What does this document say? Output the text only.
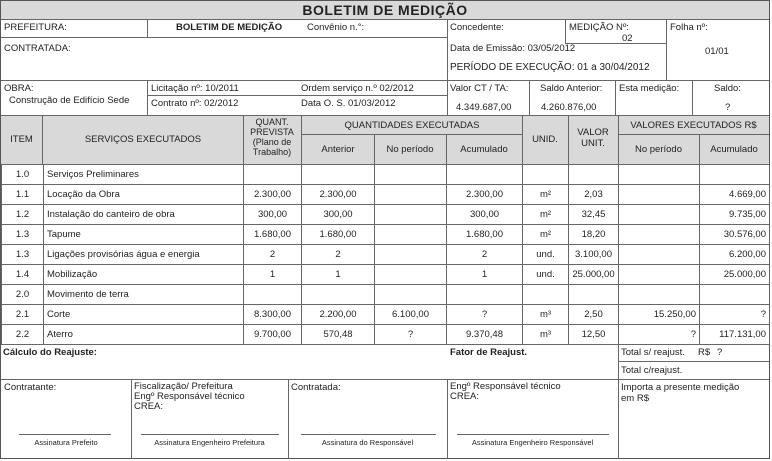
BOLETIM DE MEDIÇÃO
PREFEITURA:	BOLETIM DE MEDIÇÃO	Convênio n.°:	Concedente:	MEDIÇÃO Nº:
02
Folha nº:
01/01
CONTRATADA:	Data de Emissão: 03/05/2012
PERÍODO DE EXECUÇÃO: 01 a 30/04/2012
OBRA:
Construção de Edifício Sede
Licitação nº: 10/2011
Contrato nº: 02/2012
Ordem serviço n.º 02/2012
Data O. S. 01/03/2012
Valor CT / TA:
4.349.687,00
Saldo Anterior:
4.260.876,00
Esta medição:	Saldo:
?
ITEM	SERVIÇOS EXECUTADOS
QUANT.
PREVISTA
(Plano de
Trabalho)
QUANTIDADES EXECUTADAS
Anterior	No período	Acumulado
UNID.
VALOR
UNIT.
VALORES EXECUTADOS R$
No período	Acumulado
1.0	Serviços Preliminares								
1.1	Locação da Obra	2.300,00	2.300,00		2.300,00	m²	2,03		4.669,00
1.2	Instalação do canteiro de obra	300,00	300,00		300,00	m²	32,45		9.735,00
1.3	Tapume	1.680,00	1.680,00		1.680,00	m²	18,20		30.576,00
1.3	Ligações provisórias água e energia	2	2		2	und.	3.100,00		6.200,00
1.4	Mobilização	1	1		1	und.	25.000,00		25.000,00
2.0	Movimento de terra								
2.1	Corte	8.300,00	2.200,00	6.100,00	?	m³	2,50	15.250,00	?
2.2	Aterro	9.700,00	570,48	?	9.370,48	m³	12,50	?	117.131,00
Cálculo do Reajuste:	Fator de Reajust.	Total s/ reajust. R$ ?
Total c/reajust.
Contratante:	Fiscalização/ Prefeitura
Engº Responsável técnico
CREA:
Contratada:	Engº Responsável técnico
CREA:
Importa a presente medição
em R$
Assinatura Prefeito	Assinatura Engenheiro Prefeitura	Assinatura do Responsável	Assinatura Engenheiro Responsável
